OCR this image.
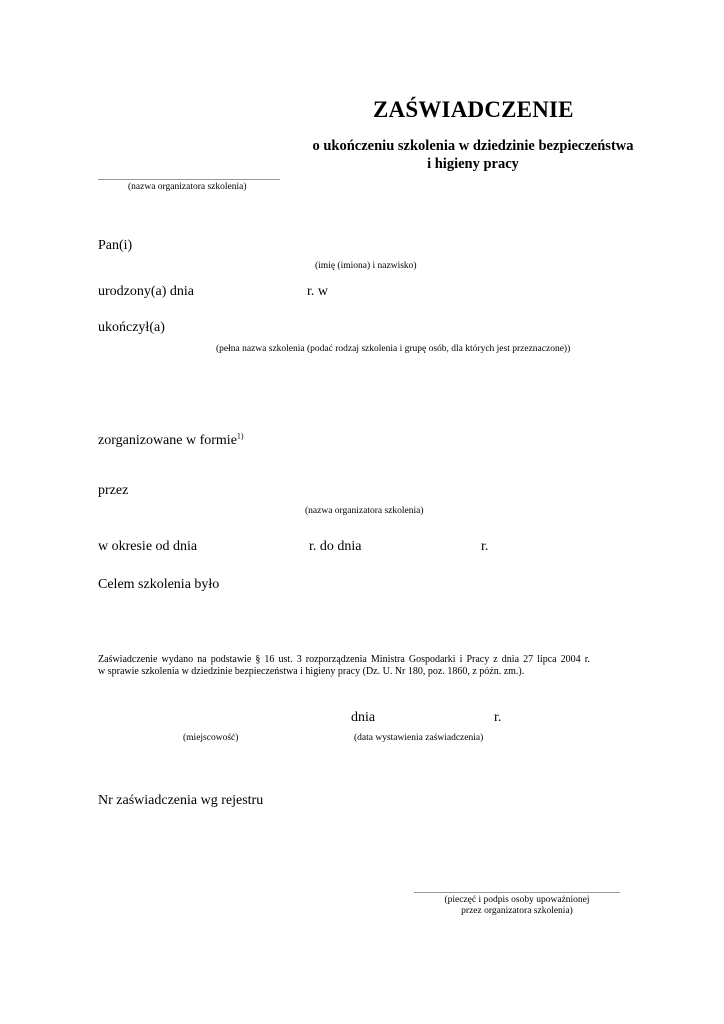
ZAŚWIADCZENIE
o ukończeniu szkolenia w dziedzinie bezpieczeństwa
i higieny pracy
(nazwa organizatora szkolenia)
Pan(i)
(imię (imiona) i nazwisko)
urodzony(a) dnia	r. w
ukończył(a)
(pełna nazwa szkolenia (podać rodzaj szkolenia i grupę osób, dla których jest przeznaczone))
zorganizowane w formie$^{1)}$
przez
(nazwa organizatora szkolenia)
w okresie od dnia	r. do dnia	r.
Celem szkolenia było
Zaświadczenie wydano na podstawie § 16 ust. 3 rozporządzenia Ministra Gospodarki i Pracy z dnia 27 lipca 2004 r.
w sprawie szkolenia w dziedzinie bezpieczeństwa i higieny pracy (Dz. U. Nr 180, poz. 1860, z późn. zm.).
dnia	r.
(miejscowość)	(data wystawienia zaświadczenia)
Nr zaświadczenia wg rejestru
(pieczęć i podpis osoby upoważnionej
przez organizatora szkolenia)
